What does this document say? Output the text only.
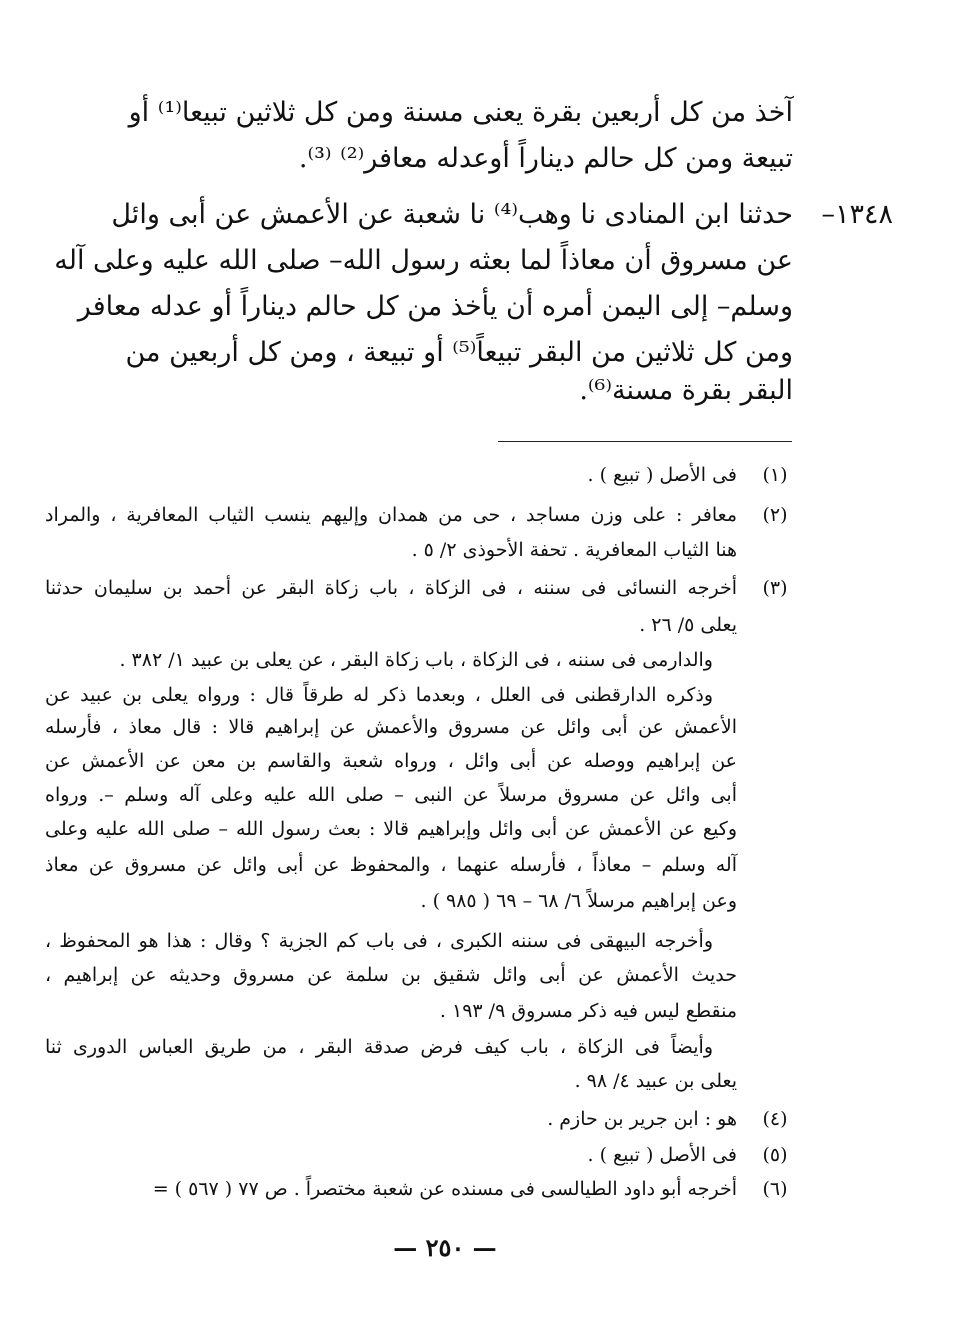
آخذ من كل أربعين بقرة يعنى مسنة ومن كل ثلاثين تبيعا⁽¹⁾ أو
تبيعة ومن كل حالم ديناراً أوعدله معافر⁽²⁾ ⁽³⁾.
١٣٤٨–
حدثنا ابن المنادى نا وهب⁽⁴⁾ نا شعبة عن الأعمش عن أبى وائل
عن مسروق أن معاذاً لما بعثه رسول الله– صلى الله عليه وعلى آله
وسلم– إلى اليمن أمره أن يأخذ من كل حالم ديناراً أو عدله معافر
ومن كل ثلاثين من البقر تبيعاً⁽⁵⁾ أو تبيعة ، ومن كل أربعين من
البقر بقرة مسنة⁽⁶⁾.
(١)
فى الأصل ( تبيع ) .
(٢)
معافر : على وزن مساجد ، حى من همدان وإليهم ينسب الثياب المعافرية ، والمراد
هنا الثياب المعافرية . تحفة الأحوذى ٢/ ٥ .
(٣)
أخرجه النسائى فى سننه ، فى الزكاة ، باب زكاة البقر عن أحمد بن سليمان حدثنا
يعلى ٥/ ٢٦ .
والدارمى فى سننه ، فى الزكاة ، باب زكاة البقر ، عن يعلى بن عبيد ١/ ٣٨٢ .
وذكره الدارقطنى فى العلل ، وبعدما ذكر له طرقاً قال : ورواه يعلى بن عبيد عن
الأعمش عن أبى وائل عن مسروق والأعمش عن إبراهيم قالا : قال معاذ ، فأرسله
عن إبراهيم ووصله عن أبى وائل ، ورواه شعبة والقاسم بن معن عن الأعمش عن
أبى وائل عن مسروق مرسلاً عن النبى – صلى الله عليه وعلى آله وسلم –. ورواه
وكيع عن الأعمش عن أبى وائل وإبراهيم قالا : بعث رسول الله – صلى الله عليه وعلى
آله وسلم – معاذاً ، فأرسله عنهما ، والمحفوظ عن أبى وائل عن مسروق عن معاذ
وعن إبراهيم مرسلاً ٦/ ٦٨ – ٦٩ ( ٩٨٥ ) .
وأخرجه البيهقى فى سننه الكبرى ، فى باب كم الجزية ؟ وقال : هذا هو المحفوظ ،
حديث الأعمش عن أبى وائل شقيق بن سلمة عن مسروق وحديثه عن إبراهيم ،
منقطع ليس فيه ذكر مسروق ٩/ ١٩٣ .
وأيضاً فى الزكاة ، باب كيف فرض صدقة البقر ، من طريق العباس الدورى ثنا
يعلى بن عبيد ٤/ ٩٨ .
(٤)
هو : ابن جرير بن حازم .
(٥)
فى الأصل ( تبيع ) .
(٦)
أخرجه أبو داود الطيالسى فى مسنده عن شعبة مختصراً . ص ٧٧ ( ٥٦٧ ) =
— ٢٥٠ —
